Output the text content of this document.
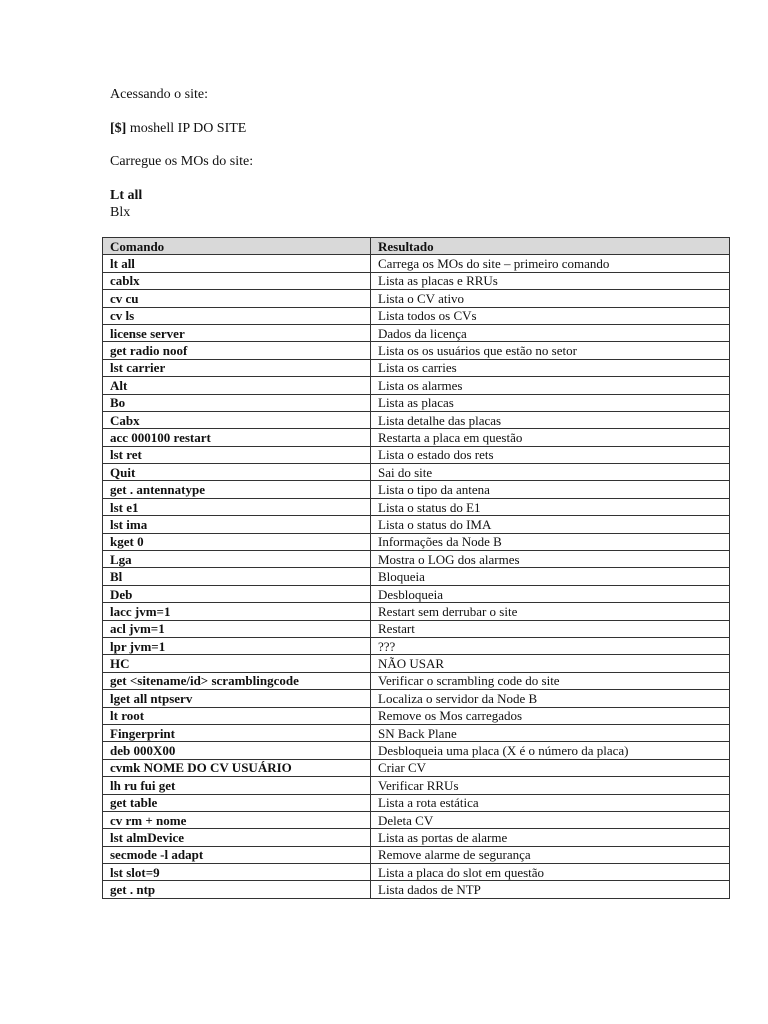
Acessando o site:

[$] moshell IP DO SITE

Carregue os MOs do site:

Lt all

Blx

Comando	Resultado
lt all	Carrega os MOs do site – primeiro comando
cablx	Lista as placas e RRUs
cv cu	Lista o CV ativo
cv ls	Lista todos os CVs
license server	Dados da licença
get radio noof	Lista os os usuários que estão no setor
lst carrier	Lista os carries
Alt	Lista os alarmes
Bo	Lista as placas
Cabx	Lista detalhe das placas
acc 000100 restart	Restarta a placa em questão
lst ret	Lista o estado dos rets
Quit	Sai do site
get . antennatype	Lista o tipo da antena
lst e1	Lista o status do E1
lst ima	Lista o status do IMA
kget 0	Informações da Node B
Lga	Mostra o LOG dos alarmes
Bl	Bloqueia
Deb	Desbloqueia
lacc jvm=1	Restart sem derrubar o site
acl jvm=1	Restart
lpr jvm=1	???
HC	NÃO USAR
get <sitename/id> scramblingcode	Verificar o scrambling code do site
lget all ntpserv	Localiza o servidor da Node B
lt root	Remove os Mos carregados
Fingerprint	SN Back Plane
deb 000X00	Desbloqueia uma placa (X é o número da placa)
cvmk NOME DO CV USUÁRIO	Criar CV
lh ru fui get	Verificar RRUs
get table	Lista a rota estática
cv rm + nome	Deleta CV
lst almDevice	Lista as portas de alarme
secmode -l adapt	Remove alarme de segurança
lst slot=9	Lista a placa do slot em questão
get . ntp	Lista dados de NTP
